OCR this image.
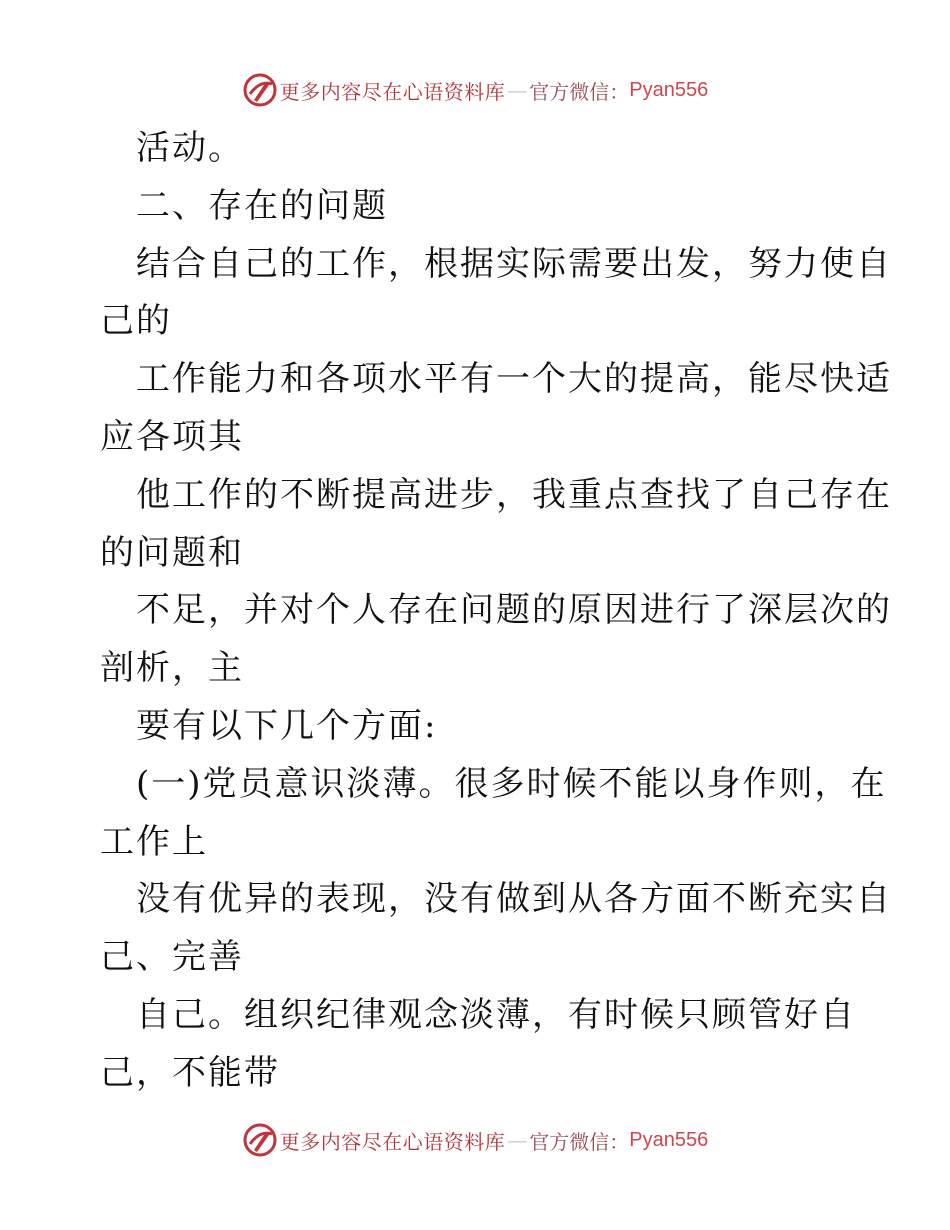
更多内容尽在心语资料库 — 官方微信： Pyan556
活动。
二、存在的问题
结合自己的工作，根据实际需要出发，努力使自
己的
工作能力和各项水平有一个大的提高，能尽快适
应各项其
他工作的不断提高进步，我重点查找了自己存在
的问题和
不足，并对个人存在问题的原因进行了深层次的
剖析，主
要有以下几个方面:
(一)党员意识淡薄。很多时候不能以身作则，在
工作上
没有优异的表现，没有做到从各方面不断充实自
己、完善
自己。组织纪律观念淡薄，有时候只顾管好自
己，不能带
更多内容尽在心语资料库 — 官方微信： Pyan556
